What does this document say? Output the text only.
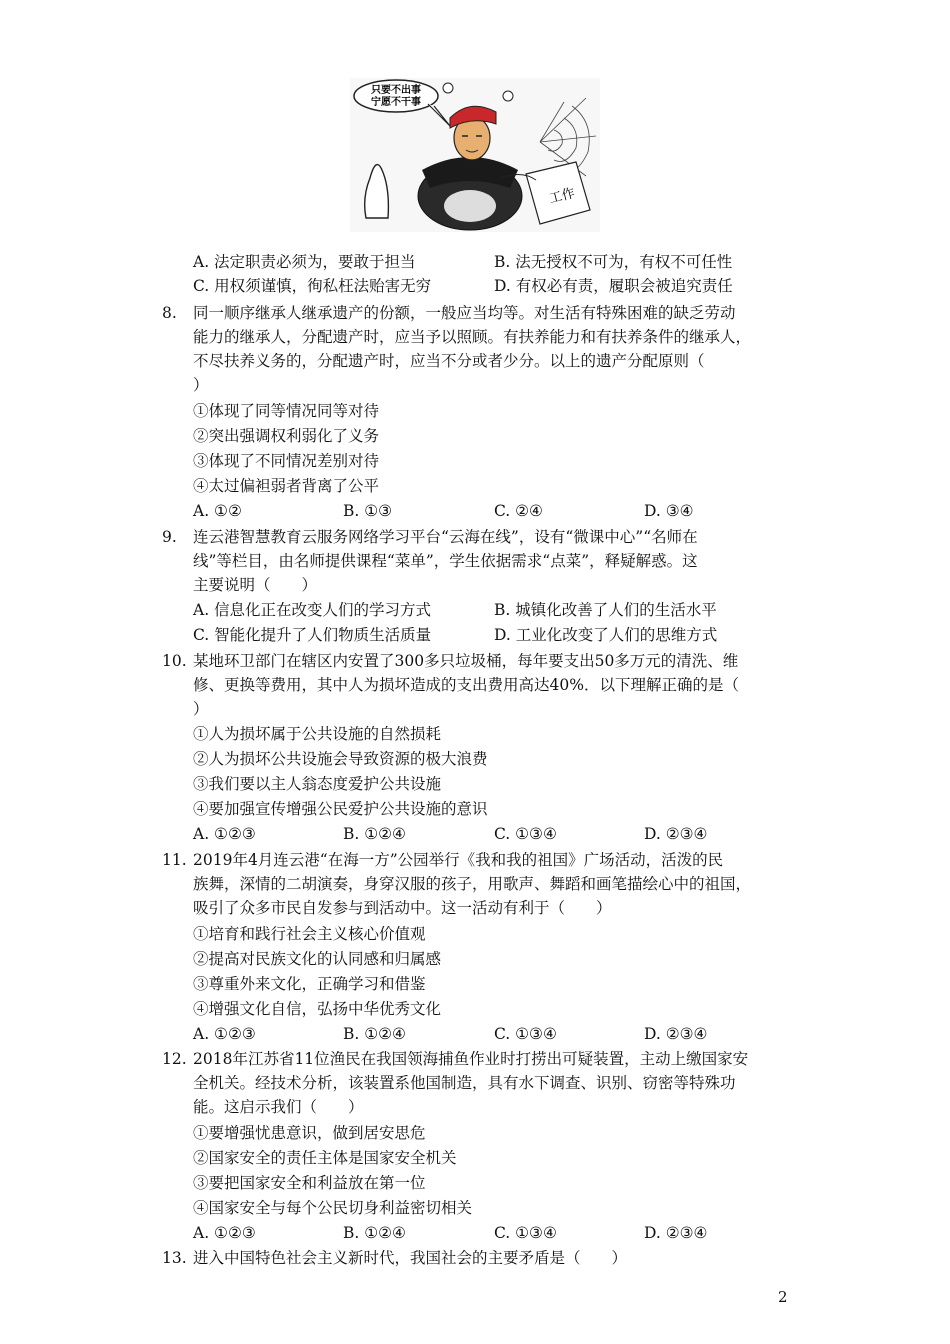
只要不出事
宁愿不干事
工作
A. 法定职责必须为，要敢于担当	B. 法无授权不可为，有权不可任性
C. 用权须谨慎，徇私枉法贻害无穷	D. 有权必有责，履职会被追究责任
8. 同一顺序继承人继承遗产的份额，一般应当均等。对生活有特殊困难的缺乏劳动
能力的继承人，分配遗产时，应当予以照顾。有扶养能力和有扶养条件的继承人，
不尽扶养义务的，分配遗产时，应当不分或者少分。以上的遗产分配原则（
）
①体现了同等情况同等对待
②突出强调权利弱化了义务
③体现了不同情况差别对待
④太过偏袒弱者背离了公平
A. ①②	B. ①③	C. ②④	D. ③④
9. 连云港智慧教育云服务网络学习平台“云海在线”，设有“微课中心”“名师在
线”等栏目，由名师提供课程“菜单”，学生依据需求“点菜”，释疑解惑。这
主要说明（　　）
A. 信息化正在改变人们的学习方式	B. 城镇化改善了人们的生活水平
C. 智能化提升了人们物质生活质量	D. 工业化改变了人们的思维方式
10. 某地环卫部门在辖区内安置了300多只垃圾桶，每年要支出50多万元的清洗、维
修、更换等费用，其中人为损坏造成的支出费用高达40%．以下理解正确的是（
）
①人为损坏属于公共设施的自然损耗
②人为损坏公共设施会导致资源的极大浪费
③我们要以主人翁态度爱护公共设施
④要加强宣传增强公民爱护公共设施的意识
A. ①②③	B. ①②④	C. ①③④	D. ②③④
11. 2019年4月连云港“在海一方”公园举行《我和我的祖国》广场活动，活泼的民
族舞，深情的二胡演奏，身穿汉服的孩子，用歌声、舞蹈和画笔描绘心中的祖国，
吸引了众多市民自发参与到活动中。这一活动有利于（　　）
①培育和践行社会主义核心价值观
②提高对民族文化的认同感和归属感
③尊重外来文化，正确学习和借鉴
④增强文化自信，弘扬中华优秀文化
A. ①②③	B. ①②④	C. ①③④	D. ②③④
12. 2018年江苏省11位渔民在我国领海捕鱼作业时打捞出可疑装置，主动上缴国家安
全机关。经技术分析，该装置系他国制造，具有水下调查、识别、窃密等特殊功
能。这启示我们（　　）
①要增强忧患意识，做到居安思危
②国家安全的责任主体是国家安全机关
③要把国家安全和利益放在第一位
④国家安全与每个公民切身利益密切相关
A. ①②③	B. ①②④	C. ①③④	D. ②③④
13. 进入中国特色社会主义新时代，我国社会的主要矛盾是（　　）
2
